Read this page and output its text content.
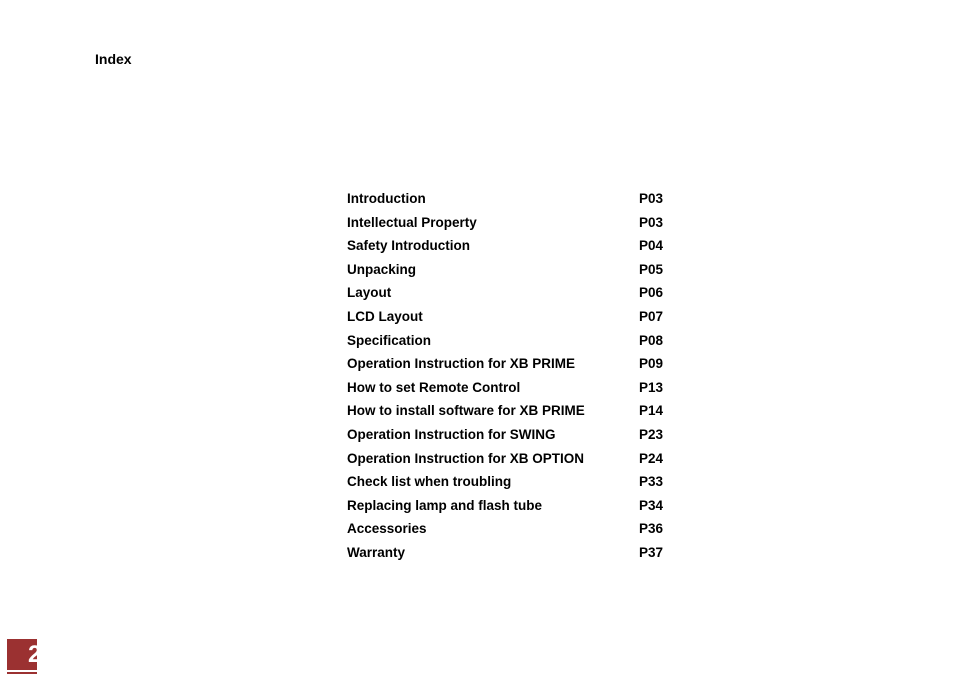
Index
Introduction	P03
Intellectual Property	P03
Safety Introduction	P04
Unpacking	P05
Layout	P06
LCD Layout	P07
Specification	P08
Operation Instruction for XB PRIME	P09
How to set Remote Control	P13
How to install software for XB PRIME	P14
Operation Instruction for SWING	P23
Operation Instruction for XB OPTION	P24
Check list when troubling	P33
Replacing lamp and flash tube	P34
Accessories	P36
Warranty	P37
2
